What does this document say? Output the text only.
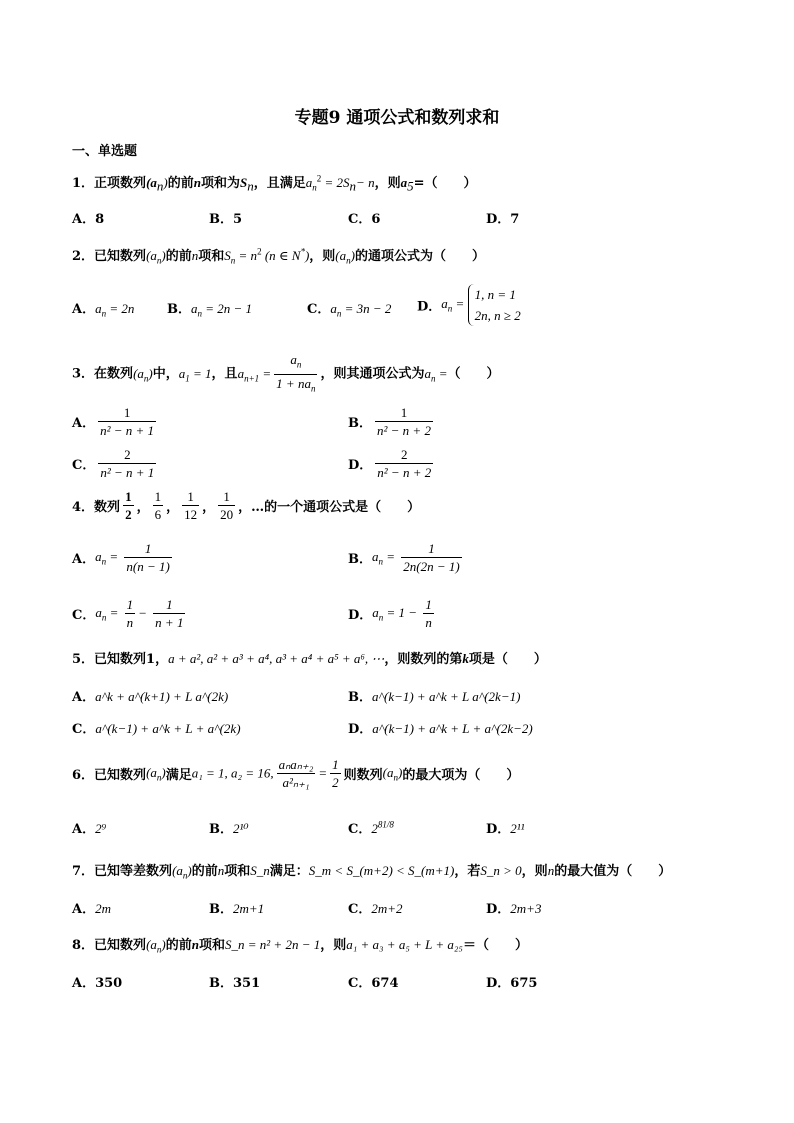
专题9 通项公式和数列求和
一、单选题
1．正项数列$(a_n)$的前n项和为$S_n$，且满足$a_n^2 = 2S_n- n$，则$a_5=$（　　）
A．8	B．5	C．6	D．7
2．已知数列$(a_n)$的前n项和$S_n = n^2$ (n ∈ N*)，则$(a_n)$的通项公式为（　　）
A．$a_n = 2n$	B．$a_n = 2n - 1$	C．$a_n = 3n - 2$ D．$a_n$ =
1, n = 1
2n, n ≥ 2
3．在数列$(a_n)$中，$a_1 = 1$，且$a_{n+1} = \frac{a_n}{1 + na_n}$ ，则其通项公式为$a_n$ =（　　）
A． $\frac{1}{\text{n² − n + 1}}$	B． $\frac{1}{\text{n² − n + 2}}$
C． $\frac{2}{\text{n² − n + 1}}$	D． $\frac{2}{\text{n² − n + 2}}$
4．数列 $\frac{1}{2}$ ， $\frac{1}{6}$ ， $\frac{1}{12}$ ， $\frac{1}{20}$ ，…的一个通项公式是（　　）
A．$a_n = \frac{1}{n(n - 1)}$	B．$a_n = \frac{1}{2n(2n - 1)}$
C．$a_n = \frac{1}{n} - \frac{1}{n + 1}$	D．$a_n = 1 - \frac{1}{n}$
5．已知数列1，a + a², a² + a³ + a⁴, a³ + a⁴ + a⁵ + a⁶, ⋯，则数列的第k项是（　　）
A．a^k + a^(k+1) + L a^(2k)	B．a^(k−1) + a^k + L a^(2k−1)
C．a^(k−1) + a^k + L + a^(2k)	D．a^(k−1) + a^k + L + a^(2k−2)
6．已知数列$(a_n)$满足a₁ = 1, a₂ = 16, $\frac{\text{aₙaₙ₊₂}}{\text{a²ₙ₊₁}} = \frac{1}{2}$ 则数列$(a_n)$的最大项为（　　）
A．2⁹	B．2¹⁰	C．$2^{81/8}$	D．2¹¹
7．已知等差数列$(a_n)$的前n项和S_n满足：S_m < S_(m+2) < S_(m+1)，若S_n > 0，则n的最大值为（　　）
A．2m	B．2m+1	C．2m+2	D．2m+3
8．已知数列$(a_n)$的前n项和S_n = n² + 2n − 1，则a₁ + a₃ + a₅ + L + a₂₅＝（　　）
A．350	B．351	C．674	D．675
